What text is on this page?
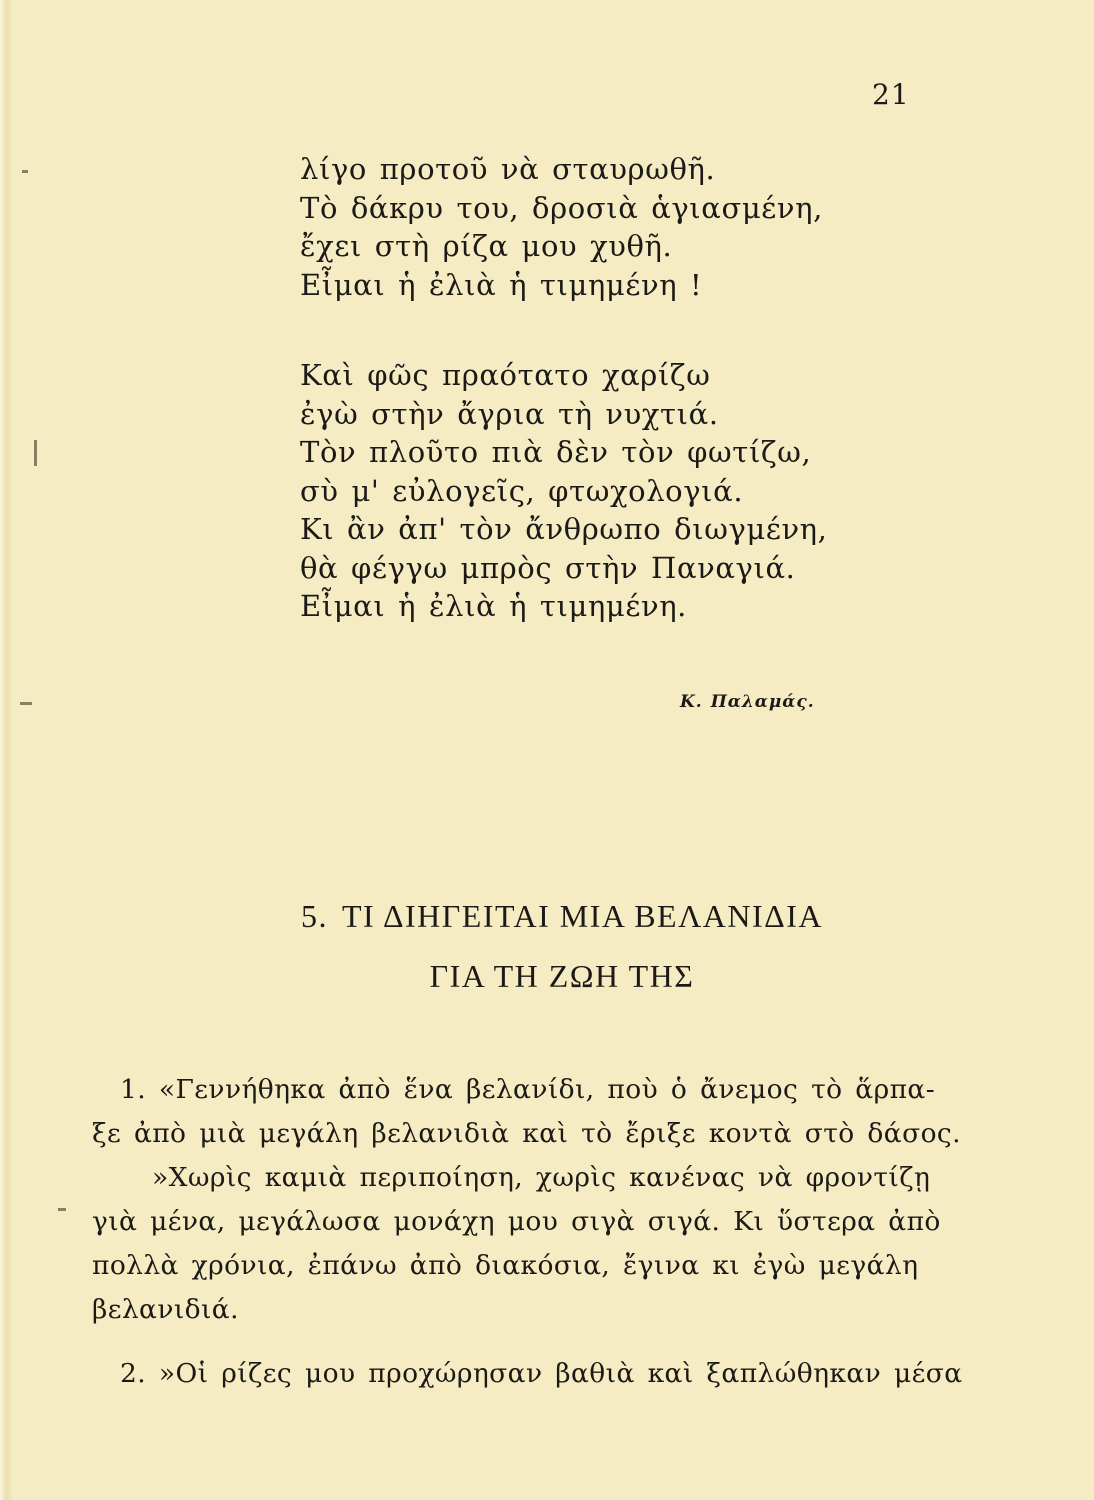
21
λίγο προτοῦ νὰ σταυρωθῆ.
Τὸ δάκρυ του, δροσιὰ ἁγιασμένη,
ἔχει στὴ ρίζα μου χυθῆ.
Εἶμαι ἡ ἐλιὰ ἡ τιμημένη !
Καὶ φῶς πραότατο χαρίζω
ἐγὼ στὴν ἄγρια τὴ νυχτιά.
Τὸν πλοῦτο πιὰ δὲν τὸν φωτίζω,
σὺ μ' εὐλογεῖς, φτωχολογιά.
Κι ἂν ἀπ' τὸν ἄνθρωπο διωγμένη,
θὰ φέγγω μπρὸς στὴν Παναγιά.
Εἶμαι ἡ ἐλιὰ ἡ τιμημένη.
Κ. Παλαμάς.
5. ΤΙ ΔΙΗΓΕΙΤΑΙ ΜΙΑ ΒΕΛΑΝΙΔΙΑ
ΓΙΑ ΤΗ ΖΩΗ ΤΗΣ
1. «Γεννήθηκα ἀπὸ ἕνα βελανίδι, ποὺ ὁ ἄνεμος τὸ ἅρπα-
ξε ἀπὸ μιὰ μεγάλη βελανιδιὰ καὶ τὸ ἔριξε κοντὰ στὸ δάσος.
»Χωρὶς καμιὰ περιποίηση, χωρὶς κανένας νὰ φροντίζῃ
γιὰ μένα, μεγάλωσα μονάχη μου σιγὰ σιγά. Κι ὕστερα ἀπὸ
πολλὰ χρόνια, ἐπάνω ἀπὸ διακόσια, ἔγινα κι ἐγὼ μεγάλη
βελανιδιά.
2. »Οἱ ρίζες μου προχώρησαν βαθιὰ καὶ ξαπλώθηκαν μέσα
